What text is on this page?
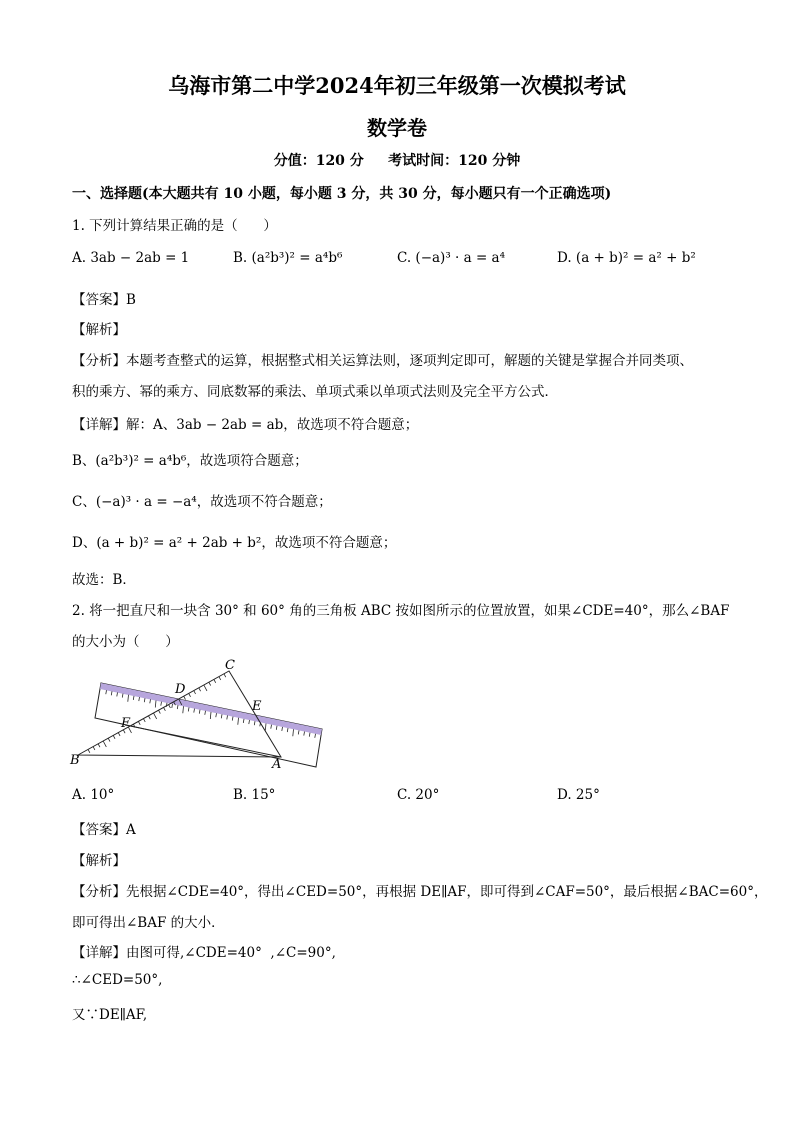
乌海市第二中学2024年初三年级第一次模拟考试
数学卷
分值：120 分     考试时间：120 分钟
一、选择题(本大题共有 10 小题，每小题 3 分，共 30 分，每小题只有一个正确选项)
1. 下列计算结果正确的是（      ）
A. 3ab − 2ab = 1	B. (a²b³)² = a⁴b⁶	C. (−a)³ · a = a⁴	D. (a + b)² = a² + b²
【答案】B
【解析】
【分析】本题考查整式的运算，根据整式相关运算法则，逐项判定即可，解题的关键是掌握合并同类项、
积的乘方、幂的乘方、同底数幂的乘法、单项式乘以单项式法则及完全平方公式．
【详解】解：A、3ab − 2ab = ab，故选项不符合题意；
B、(a²b³)² = a⁴b⁶，故选项符合题意；
C、(−a)³ · a = −a⁴，故选项不符合题意；
D、(a + b)² = a² + 2ab + b²，故选项不符合题意；
故选：B．
2. 将一把直尺和一块含 30° 和 60° 角的三角板 ABC 按如图所示的位置放置，如果∠CDE=40°，那么∠BAF
的大小为（      ）
C
D
E
F
B	A
A. 10°	B. 15°	C. 20°	D. 25°
【答案】A
【解析】
【分析】先根据∠CDE=40°，得出∠CED=50°，再根据 DE∥AF，即可得到∠CAF=50°，最后根据∠BAC=60°，
即可得出∠BAF 的大小．
【详解】由图可得,∠CDE=40°  ,∠C=90°,
∴∠CED=50°,
又∵DE∥AF,
